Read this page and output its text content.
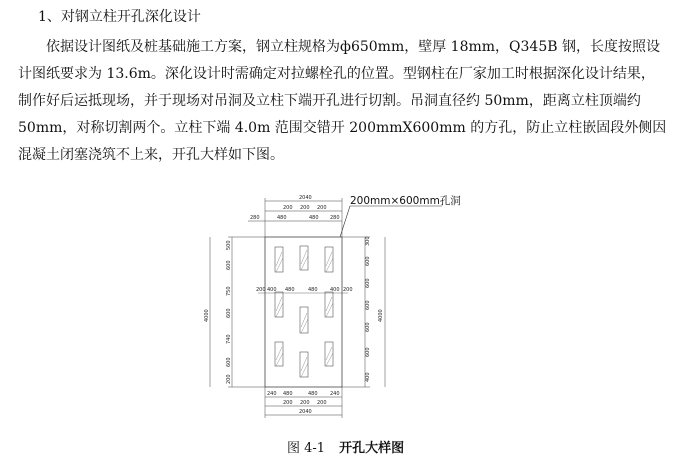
1、对钢立柱开孔深化设计

依据设计图纸及桩基础施工方案，钢立柱规格为ф650mm，壁厚 18mm，Q345B 钢，长度按照设计图纸要求为 13.6m。深化设计时需确定对拉螺栓孔的位置。型钢柱在厂家加工时根据深化设计结果，制作好后运抵现场，并于现场对吊洞及立柱下端开孔进行切割。吊洞直径约 50mm，距离立柱顶端约 50mm，对称切割两个。立柱下端 4.0m 范围交错开 200mmX600mm 的方孔，防止立柱嵌固段外侧因混凝土闭塞浇筑不上来，开孔大样如下图。

200mm×600mm孔洞
2040
200 200 200
280	480	480 280
200 400 480	480 400 200
4000
500
600
750
600
740
600
200
300
600
600
600
600
600
400
4000
240 480	480 240
200 200 200
2040
图 4-1 开孔大样图
